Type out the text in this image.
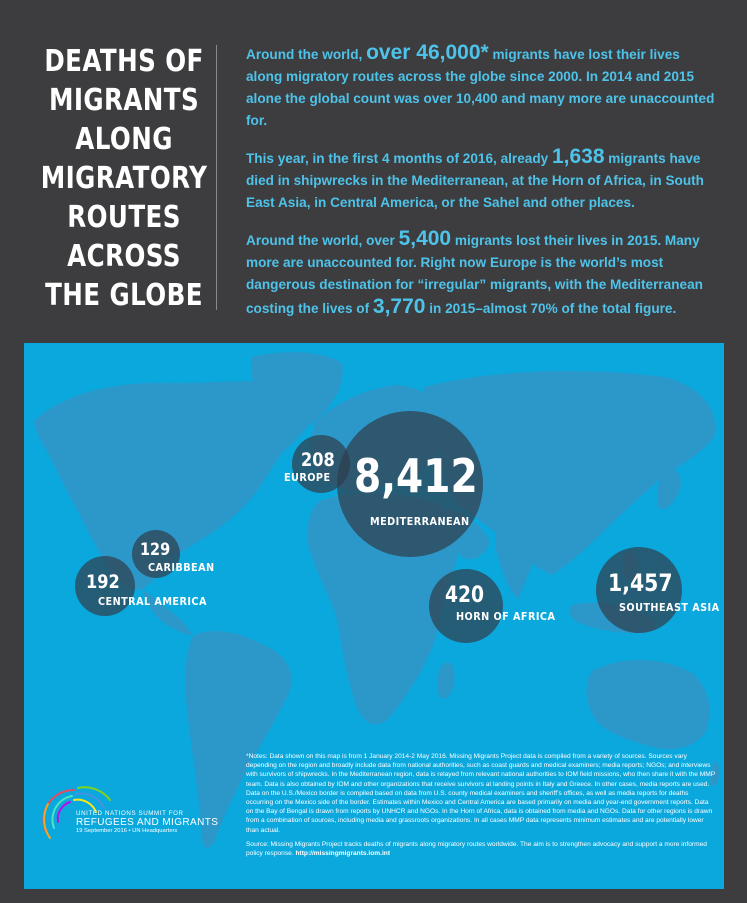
DEATHS OF
MIGRANTS
ALONG
MIGRATORY
ROUTES
ACROSS
THE GLOBE

Around the world, over 46,000* migrants have lost their lives along migratory routes across the globe since 2000. In 2014 and 2015 alone the global count was over 10,400 and many more are unaccounted for.

This year, in the first 4 months of 2016, already 1,638 migrants have died in shipwrecks in the Mediterranean, at the Horn of Africa, in South East Asia, in Central America, or the Sahel and other places.

Around the world, over 5,400 migrants lost their lives in 2015. Many more are unaccounted for. Right now Europe is the world’s most dangerous destination for “irregular” migrants, with the Mediterranean costing the lives of 3,770 in 2015–almost 70% of the total figure.

208
EUROPE 8,412
MEDITERRANEAN
129
CARIBBEAN
192
CENTRAL AMERICA	420
HORN OF AFRICA
1,457
SOUTHEAST ASIA

*Notes: Data shown on this map is from 1 January 2014-2 May 2016. Missing Migrants Project data is compiled from a variety of sources. Sources vary depending on the region and broadly include data from national authorities, such as coast guards and medical examiners; media reports; NGOs; and interviews with survivors of shipwrecks. In the Mediterranean region, data is relayed from relevant national authorities to IOM field missions, who then share it with the MMP team. Data is also obtained by IOM and other organizations that receive survivors at landing points in Italy and Greece. In other cases, media reports are used. Data on the U.S./Mexico border is compiled based on data from U.S. county medical examiners and sheriff’s offices, as well as media reports for deaths occurring on the Mexico side of the border. Estimates within Mexico and Central America are based primarily on media and year-end government reports. Data on the Bay of Bengal is drawn from reports by UNHCR and NGOs. In the Horn of Africa, data is obtained from media and NGOs. Data for other regions is drawn from a combination of sources, including media and grassroots organizations. In all cases MMP data represents minimum estimates and are potentially lower than actual.

Source: Missing Migrants Project tracks deaths of migrants along migratory routes worldwide. The aim is to strengthen advocacy and support a more informed policy response. http://missingmigrants.iom.int

UNITED NATIONS SUMMIT FOR
REFUGEES AND MIGRANTS
19 September 2016 • UN Headquarters
